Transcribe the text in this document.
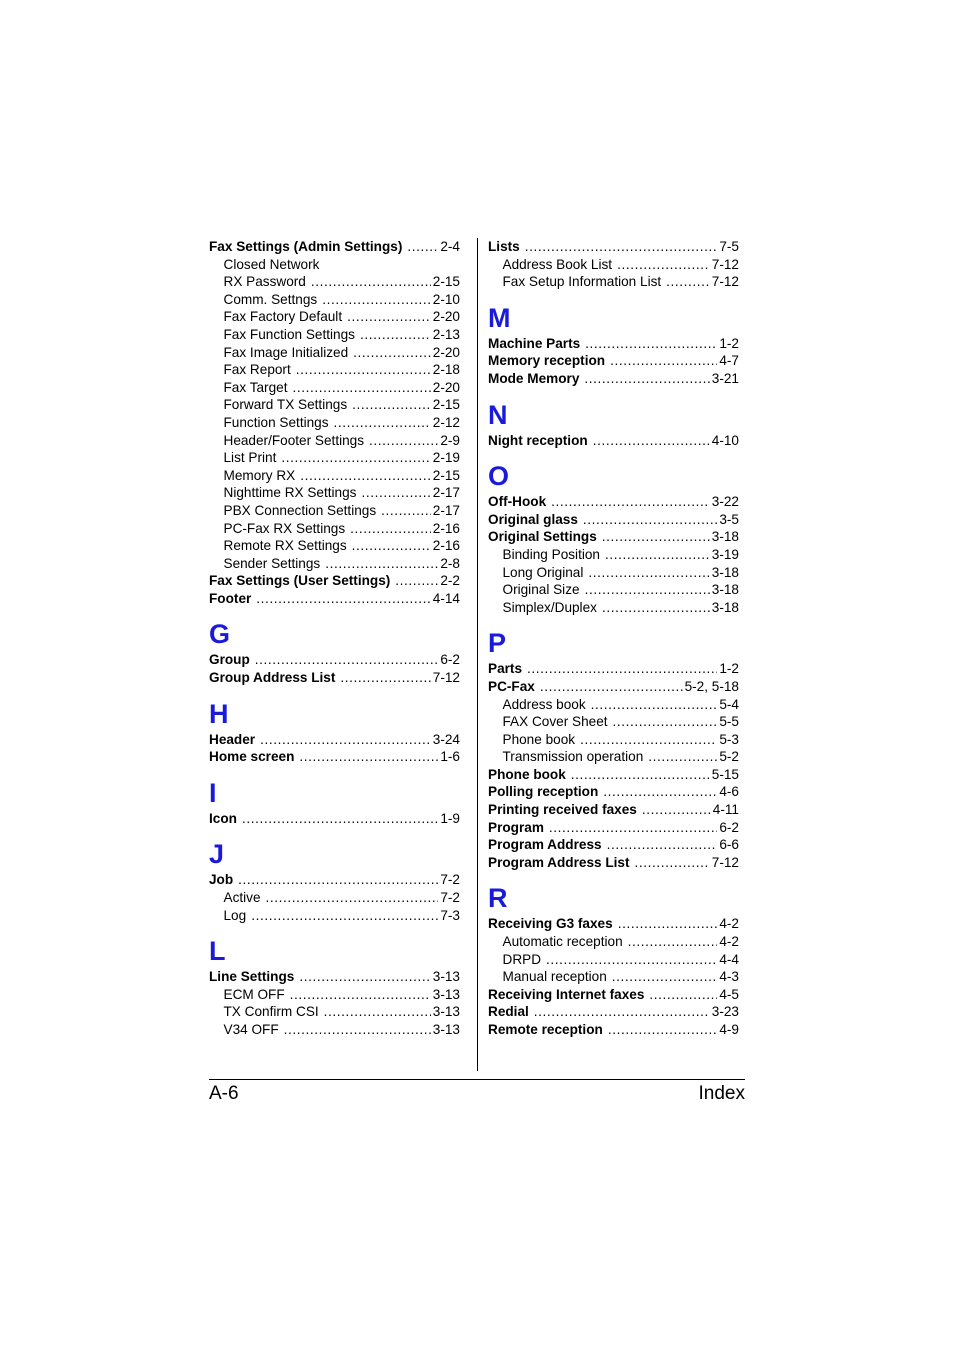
Fax Settings (Admin Settings) .....	2-4
Closed Network
RX Password .....	2-15
Comm. Settngs .....	2-10
Fax Factory Default .....	2-20
Fax Function Settings .....	2-13
Fax Image Initialized .....	2-20
Fax Report .....	2-18
Fax Target .....	2-20
Forward TX Settings .....	2-15
Function Settings .....	2-12
Header/Footer Settings .....	2-9
List Print .....	2-19
Memory RX .....	2-15
Nighttime RX Settings .....	2-17
PBX Connection Settings .....	2-17
PC-Fax RX Settings .....	2-16
Remote RX Settings .....	2-16
Sender Settings .....	2-8
Fax Settings (User Settings) .....	2-2
Footer .....	4-14
G
Group .....	6-2
Group Address List .....	7-12
H
Header .....	3-24
Home screen .....	1-6
I
Icon .....	1-9
J
Job .....	7-2
Active .....	7-2
Log .....	7-3
L
Line Settings .....	3-13
ECM OFF .....	3-13
TX Confirm CSI .....	3-13
V34 OFF .....	3-13
Lists .....	7-5
Address Book List .....	7-12
Fax Setup Information List .....	7-12
M
Machine Parts .....	1-2
Memory reception .....	4-7
Mode Memory .....	3-21
N
Night reception .....	4-10
O
Off-Hook .....	3-22
Original glass .....	3-5
Original Settings .....	3-18
Binding Position .....	3-19
Long Original .....	3-18
Original Size .....	3-18
Simplex/Duplex .....	3-18
P
Parts .....	1-2
PC-Fax .....	5-2, 5-18
Address book .....	5-4
FAX Cover Sheet .....	5-5
Phone book .....	5-3
Transmission operation .....	5-2
Phone book .....	5-15
Polling reception .....	4-6
Printing received faxes .....	4-11
Program .....	6-2
Program Address .....	6-6
Program Address List .....	7-12
R
Receiving G3 faxes .....	4-2
Automatic reception .....	4-2
DRPD .....	4-4
Manual reception .....	4-3
Receiving Internet faxes .....	4-5
Redial .....	3-23
Remote reception .....	4-9
A-6	Index
